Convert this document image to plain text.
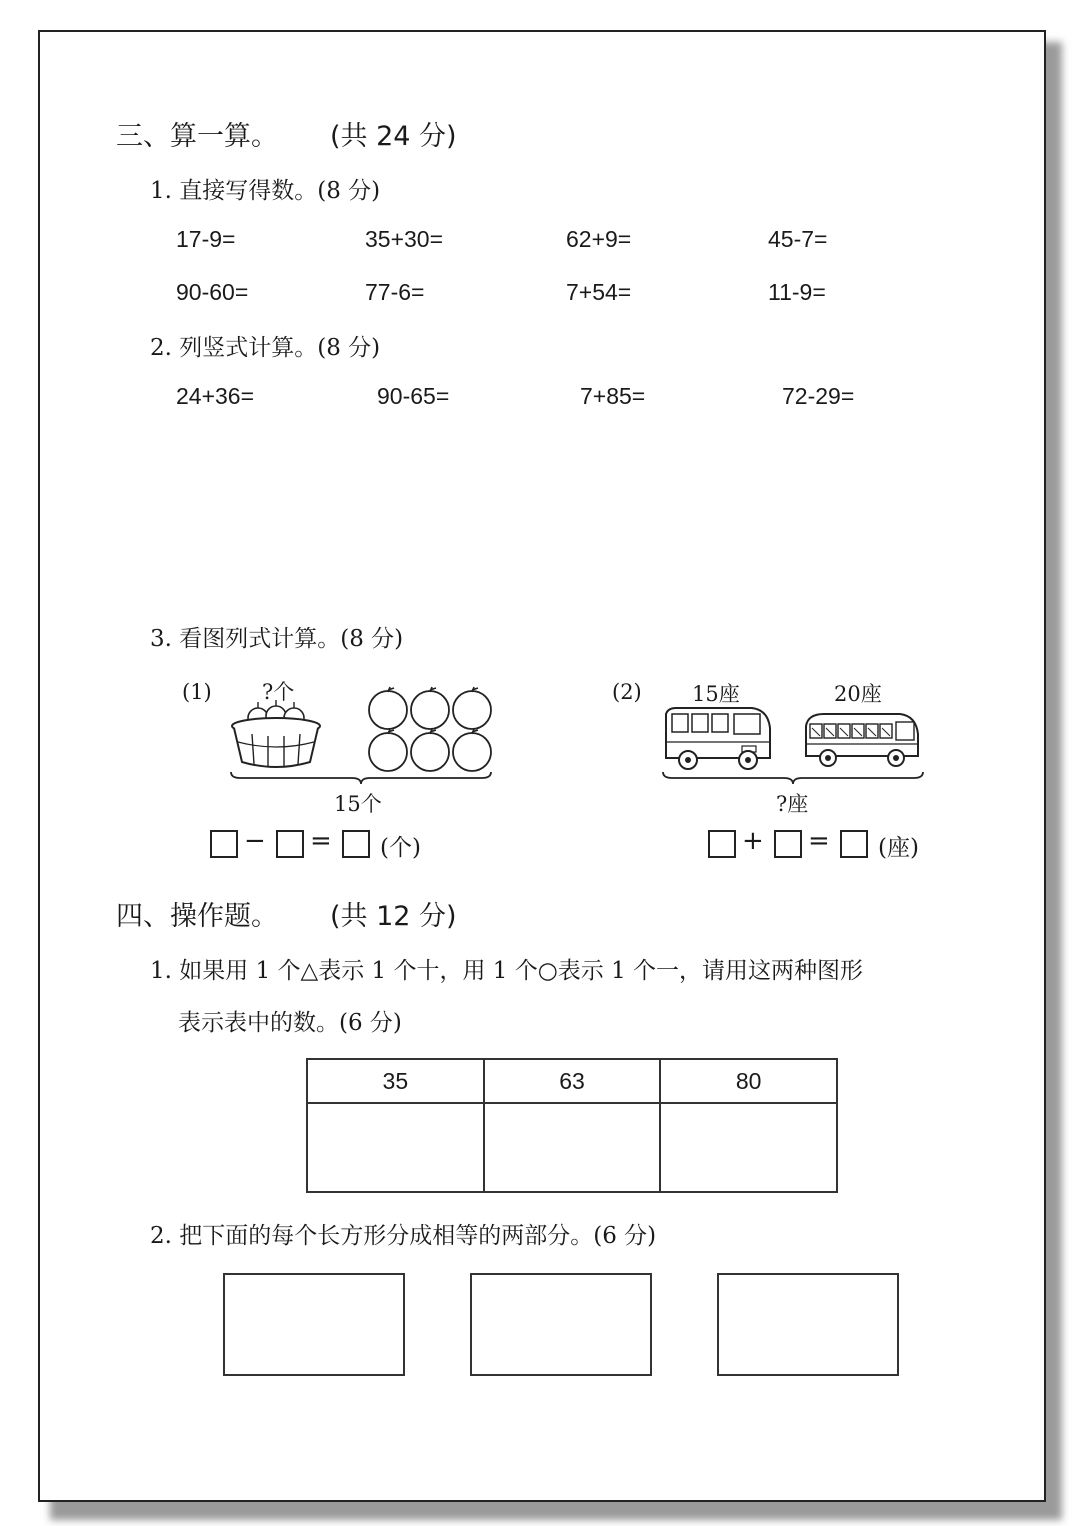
三、算一算。 (共 24 分)
1. 直接写得数。(8 分)
17-9=	35+30=	62+9=	45-7=
90-60=	77-6=	7+54=	11-9=
2. 列竖式计算。(8 分)
24+36=	90-65=	7+85=	72-29=
3. 看图列式计算。(8 分)
(1) ?个
15个
− = (个)
(2) 15座	20座
?座
+ = (座)
四、操作题。 (共 12 分)
1. 如果用 1 个△表示 1 个十，用 1 个○表示 1 个一，请用这两种图形
表示表中的数。(6 分)
35	63	80

2. 把下面的每个长方形分成相等的两部分。(6 分)
